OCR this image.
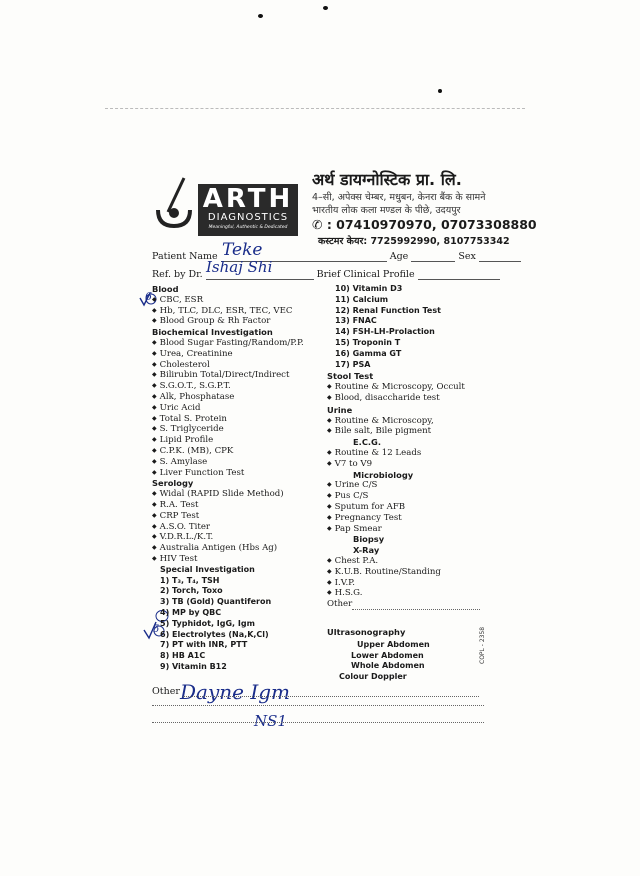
ARTH
DIAGNOSTICS
Meaningful, Authentic & Dedicated
अर्थ डायग्नोस्टिक प्रा. लि.
4–सी, अपेक्स चेम्बर, मधुबन, केनरा बैंक के सामने
भारतीय लोक कला मण्डल के पीछे, उदयपुर
✆ : 07410970970, 07073308880
कस्टमर केयर: 7725992990, 8107753342
Patient Name	Age	Sex
Ref. by Dr.	Brief Clinical Profile
Teke
Ishaj Shi
6
5
Dayne Igm
NS1
Blood
◆ CBC, ESR
◆ Hb, TLC, DLC, ESR, TEC, VEC
◆ Blood Group & Rh Factor
Biochemical Investigation
◆ Blood Sugar Fasting/Random/P.P.
◆ Urea, Creatinine
◆ Cholesterol
◆ Bilirubin Total/Direct/Indirect
◆ S.G.O.T., S.G.P.T.
◆ Alk, Phosphatase
◆ Uric Acid
◆ Total S. Protein
◆ S. Triglyceride
◆ Lipid Profile
◆ C.P.K. (MB), CPK
◆ S. Amylase
◆ Liver Function Test
Serology
◆ Widal (RAPID Slide Method)
◆ R.A. Test
◆ CRP Test
◆ A.S.O. Titer
◆ V.D.R.L./K.T.
◆ Australia Antigen (Hbs Ag)
◆ HIV Test
Special Investigation
1) T₃, T₄, TSH
2) Torch, Toxo
3) TB (Gold) Quantiferon
4) MP by QBC
5) Typhidot, IgG, Igm
6) Electrolytes (Na,K,Cl)
7) PT with INR, PTT
8) HB A1C
9) Vitamin B12
10) Vitamin D3
11) Calcium
12) Renal Function Test
13) FNAC
14) FSH-LH-Prolaction
15) Troponin T
16) Gamma GT
17) PSA
Stool Test
◆ Routine & Microscopy, Occult
◆ Blood, disaccharide test
Urine
◆ Routine & Microscopy,
◆ Bile salt, Bile pigment
E.C.G.
◆ Routine & 12 Leads
◆ V7 to V9
Microbiology
◆ Urine C/S
◆ Pus C/S
◆ Sputum for AFB
◆ Pregnancy Test
◆ Pap Smear
Biopsy
X-Ray
◆ Chest P.A.
◆ K.U.B. Routine/Standing
◆ I.V.P.
◆ H.S.G.
Other
Ultrasonography
Upper Abdomen
Lower Abdomen
Whole Abdomen
Colour Doppler
Other
COPL - 2358
